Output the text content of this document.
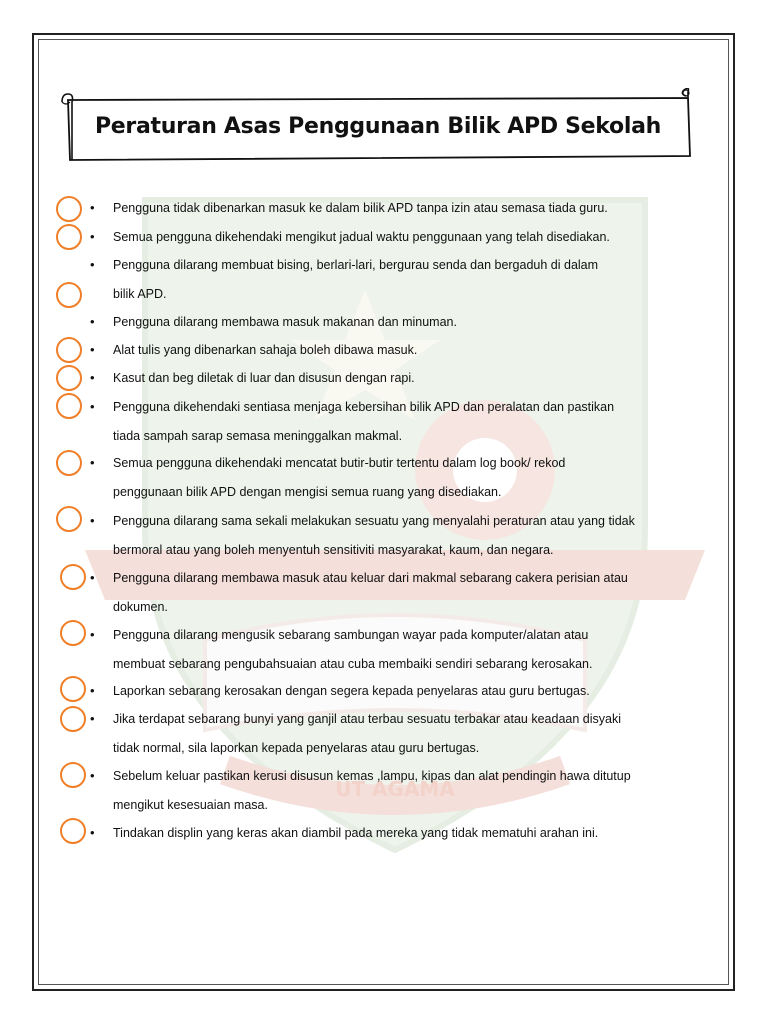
UT AGAMA
Peraturan Asas Penggunaan Bilik APD Sekolah
•	Pengguna tidak dibenarkan masuk ke dalam bilik APD tanpa izin atau semasa tiada guru.
•	Semua pengguna dikehendaki mengikut jadual waktu penggunaan yang telah disediakan.
•	Pengguna dilarang membuat bising, berlari-lari, bergurau senda dan bergaduh di dalam
bilik APD.
•	Pengguna dilarang membawa masuk makanan dan minuman.
•	Alat tulis yang dibenarkan sahaja boleh dibawa masuk.
•	Kasut dan beg diletak di luar dan disusun dengan rapi.
•	Pengguna dikehendaki sentiasa menjaga kebersihan bilik APD dan peralatan dan pastikan
tiada sampah sarap semasa meninggalkan makmal.
•	Semua pengguna dikehendaki mencatat butir-butir tertentu dalam log book/ rekod
penggunaan bilik APD dengan mengisi semua ruang yang disediakan.
•	Pengguna dilarang sama sekali melakukan sesuatu yang menyalahi peraturan atau yang tidak
bermoral atau yang boleh menyentuh sensitiviti masyarakat, kaum, dan negara.
•	Pengguna dilarang membawa masuk atau keluar dari makmal sebarang cakera perisian atau
dokumen.
•	Pengguna dilarang mengusik sebarang sambungan wayar pada komputer/alatan atau
membuat sebarang pengubahsuaian atau cuba membaiki sendiri sebarang kerosakan.
•	Laporkan sebarang kerosakan dengan segera kepada penyelaras atau guru bertugas.
•	Jika terdapat sebarang bunyi yang ganjil atau terbau sesuatu terbakar atau keadaan disyaki
tidak normal, sila laporkan kepada penyelaras atau guru bertugas.
•	Sebelum keluar pastikan kerusi disusun kemas ,lampu, kipas dan alat pendingin hawa ditutup
mengikut kesesuaian masa.
•	Tindakan displin yang keras akan diambil pada mereka yang tidak mematuhi arahan ini.
